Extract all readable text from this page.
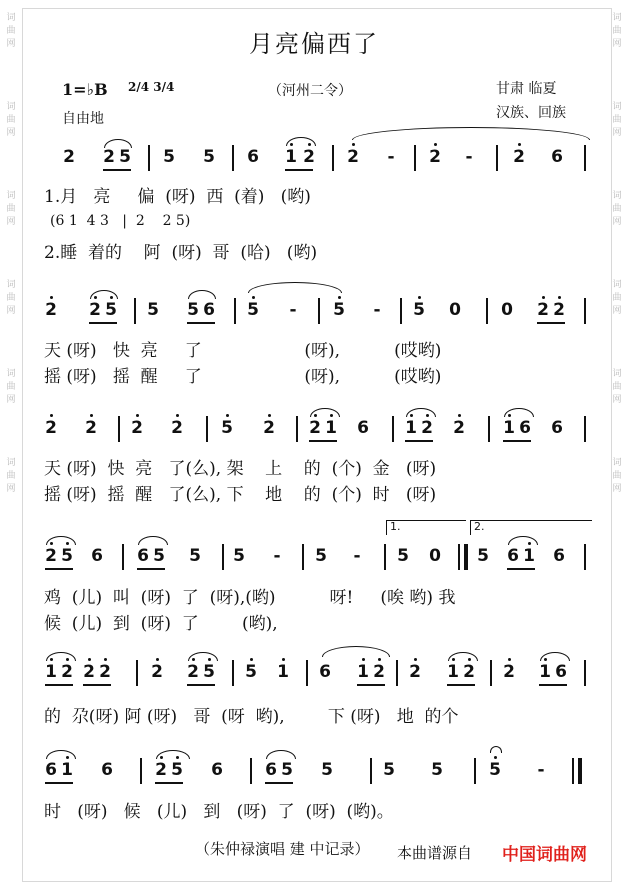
词
曲
网
词
曲
网
词
曲
网
词
曲
网
词
曲
网
词
曲
网
词
曲
网
词
曲
网
词
曲
网
词
曲
网
词
曲
网
词
曲
网
月亮偏西了
1=♭B 2/4 3/4
自由地
（河州二令）	甘肃 临夏
汉族、回族
2 2 5 5 5 6 1 2 2 - 2 - 2 6
2 2 5 5 5 6 5 - 5 - 5 0 0 2 2
2 2 2 2 5 2 2 1 6 1 2 2 1 6 6
2 5 6 6 5 5 5 - 5 - 5 0 5 6 1 6
1 2 2 2 2 2 5 5 1 6 1 2 2 1 2 2 1 6
6 1 6 2 5 6 6 5 5	5 5	5 -
1.月   亮     偏  (呀)  西  (着)   (哟)
(6 1  4 3   |  2    2 5)
2.睡  着的    阿  (呀)  哥  (哈)   (哟)
天 (呀)   快  亮     了                   (呀),          (哎哟)
摇 (呀)   摇  醒     了                   (呀),          (哎哟)
天 (呀)  快  亮   了(么), 架    上    的  (个)  金   (呀)
摇 (呀)  摇  醒   了(么), 下    地    的  (个)  时   (呀)
鸡  (儿)  叫  (呀)  了  (呀),(哟)          呀!     (唉 哟) 我
候  (儿)  到  (呀)  了        (哟),
的  尕(呀) 阿 (呀)   哥  (呀  哟),        下 (呀)   地  的个
时   (呀)   候   (儿)   到   (呀)  了  (呀)  (哟)。
1.	2.
（朱仲禄演唱 建 中记录） 本曲谱源自 中国词曲网
